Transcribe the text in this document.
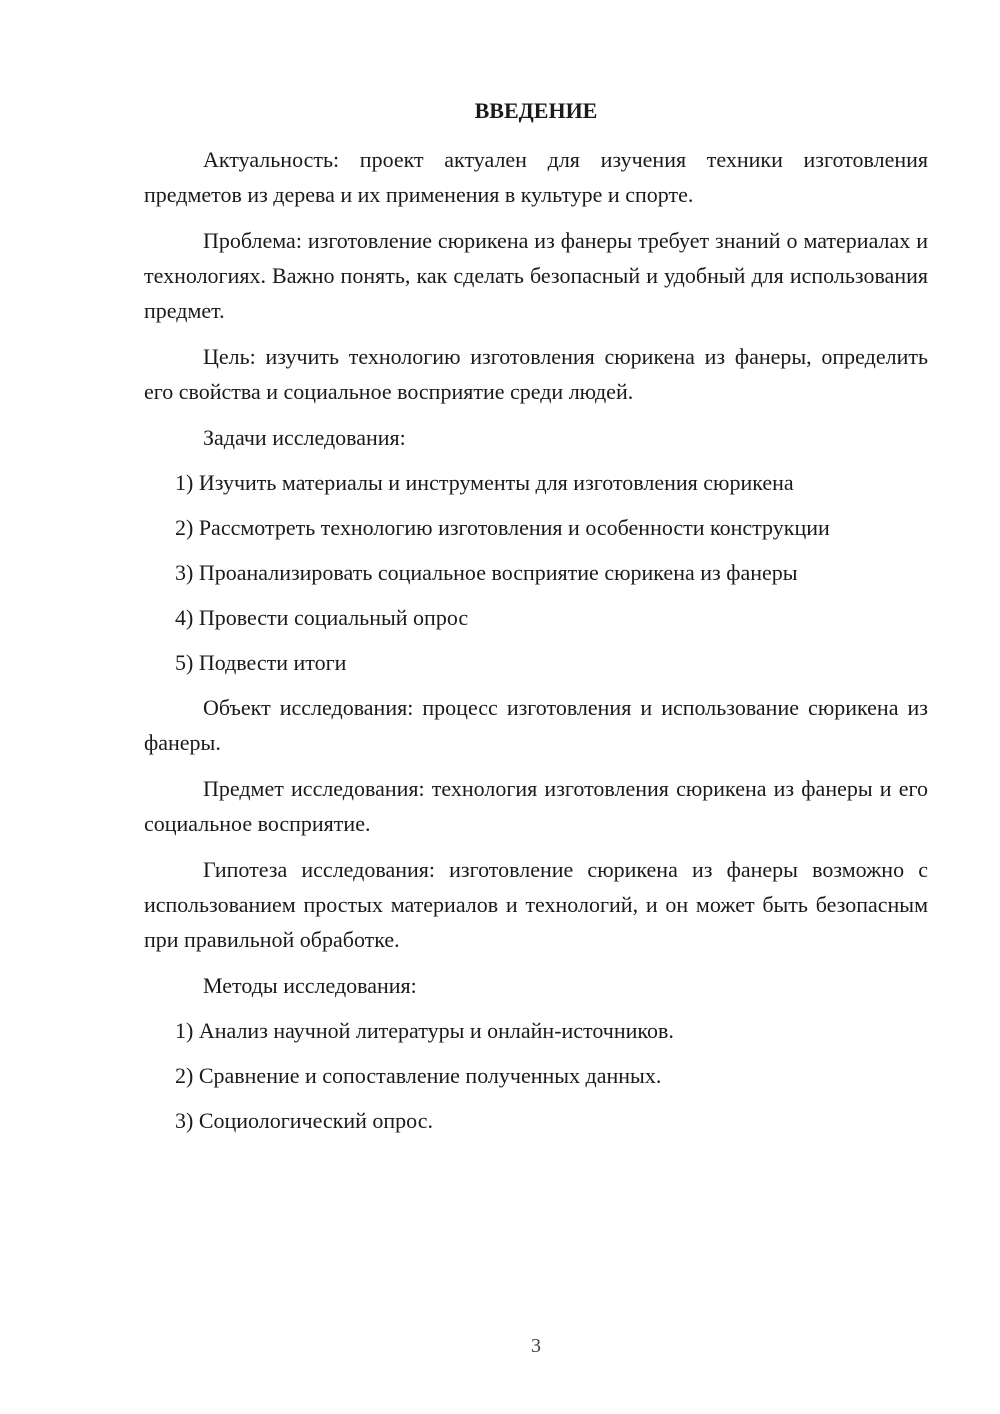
ВВЕДЕНИЕ

Актуальность: проект актуален для изучения техники изготовления предметов из дерева и их применения в культуре и спорте.

Проблема: изготовление сюрикена из фанеры требует знаний о материалах и технологиях. Важно понять, как сделать безопасный и удобный для использования предмет.

Цель: изучить технологию изготовления сюрикена из фанеры, определить его свойства и социальное восприятие среди людей.

Задачи исследования:

1) Изучить материалы и инструменты для изготовления сюрикена

2) Рассмотреть технологию изготовления и особенности конструкции

3) Проанализировать социальное восприятие сюрикена из фанеры

4) Провести социальный опрос

5) Подвести итоги

Объект исследования: процесс изготовления и использование сюрикена из фанеры.

Предмет исследования: технология изготовления сюрикена из фанеры и его социальное восприятие.

Гипотеза исследования: изготовление сюрикена из фанеры возможно с использованием простых материалов и технологий, и он может быть безопасным при правильной обработке.

Методы исследования:

1) Анализ научной литературы и онлайн-источников.

2) Сравнение и сопоставление полученных данных.

3) Социологический опрос.

3
